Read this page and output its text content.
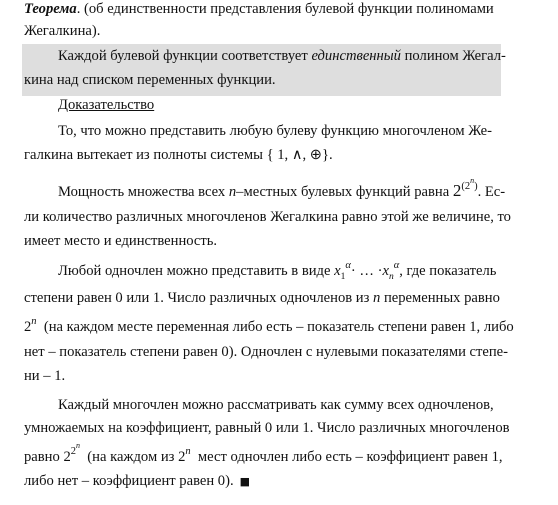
Теорема. (об единственности представления булевой функции полиномами
Жегалкина).
Каждой булевой функции соответствует единственный полином Жегал-
кина над списком переменных функции.
Доказательство
То, что можно представить любую булеву функцию многочленом Же-
галкина вытекает из полноты системы { 1, ∧, ⊕}.
Мощность множества всех n–местных булевых функций равна $2^{(2^n)}$. Ес-
ли количество различных многочленов Жегалкина равно этой же величине, то
имеет место и единственность.
Любой одночлен можно представить в виде $x_1^\alpha\cdot$ … $\cdot x_n^\alpha$, где показатель
степени равен 0 или 1. Число различных одночленов из n переменных равно
2$^n$ (на каждом месте переменная либо есть – показатель степени равен 1, либо
нет – показатель степени равен 0). Одночлен с нулевыми показателями степе-
ни – 1.
Каждый многочлен можно рассматривать как сумму всех одночленов,
умножаемых на коэффициент, равный 0 или 1. Число различных многочленов
равно $2^{2^n}$  (на каждом из 2$^n$ мест одночлен либо есть – коэффициент равен 1,
либо нет – коэффициент равен 0). ■
